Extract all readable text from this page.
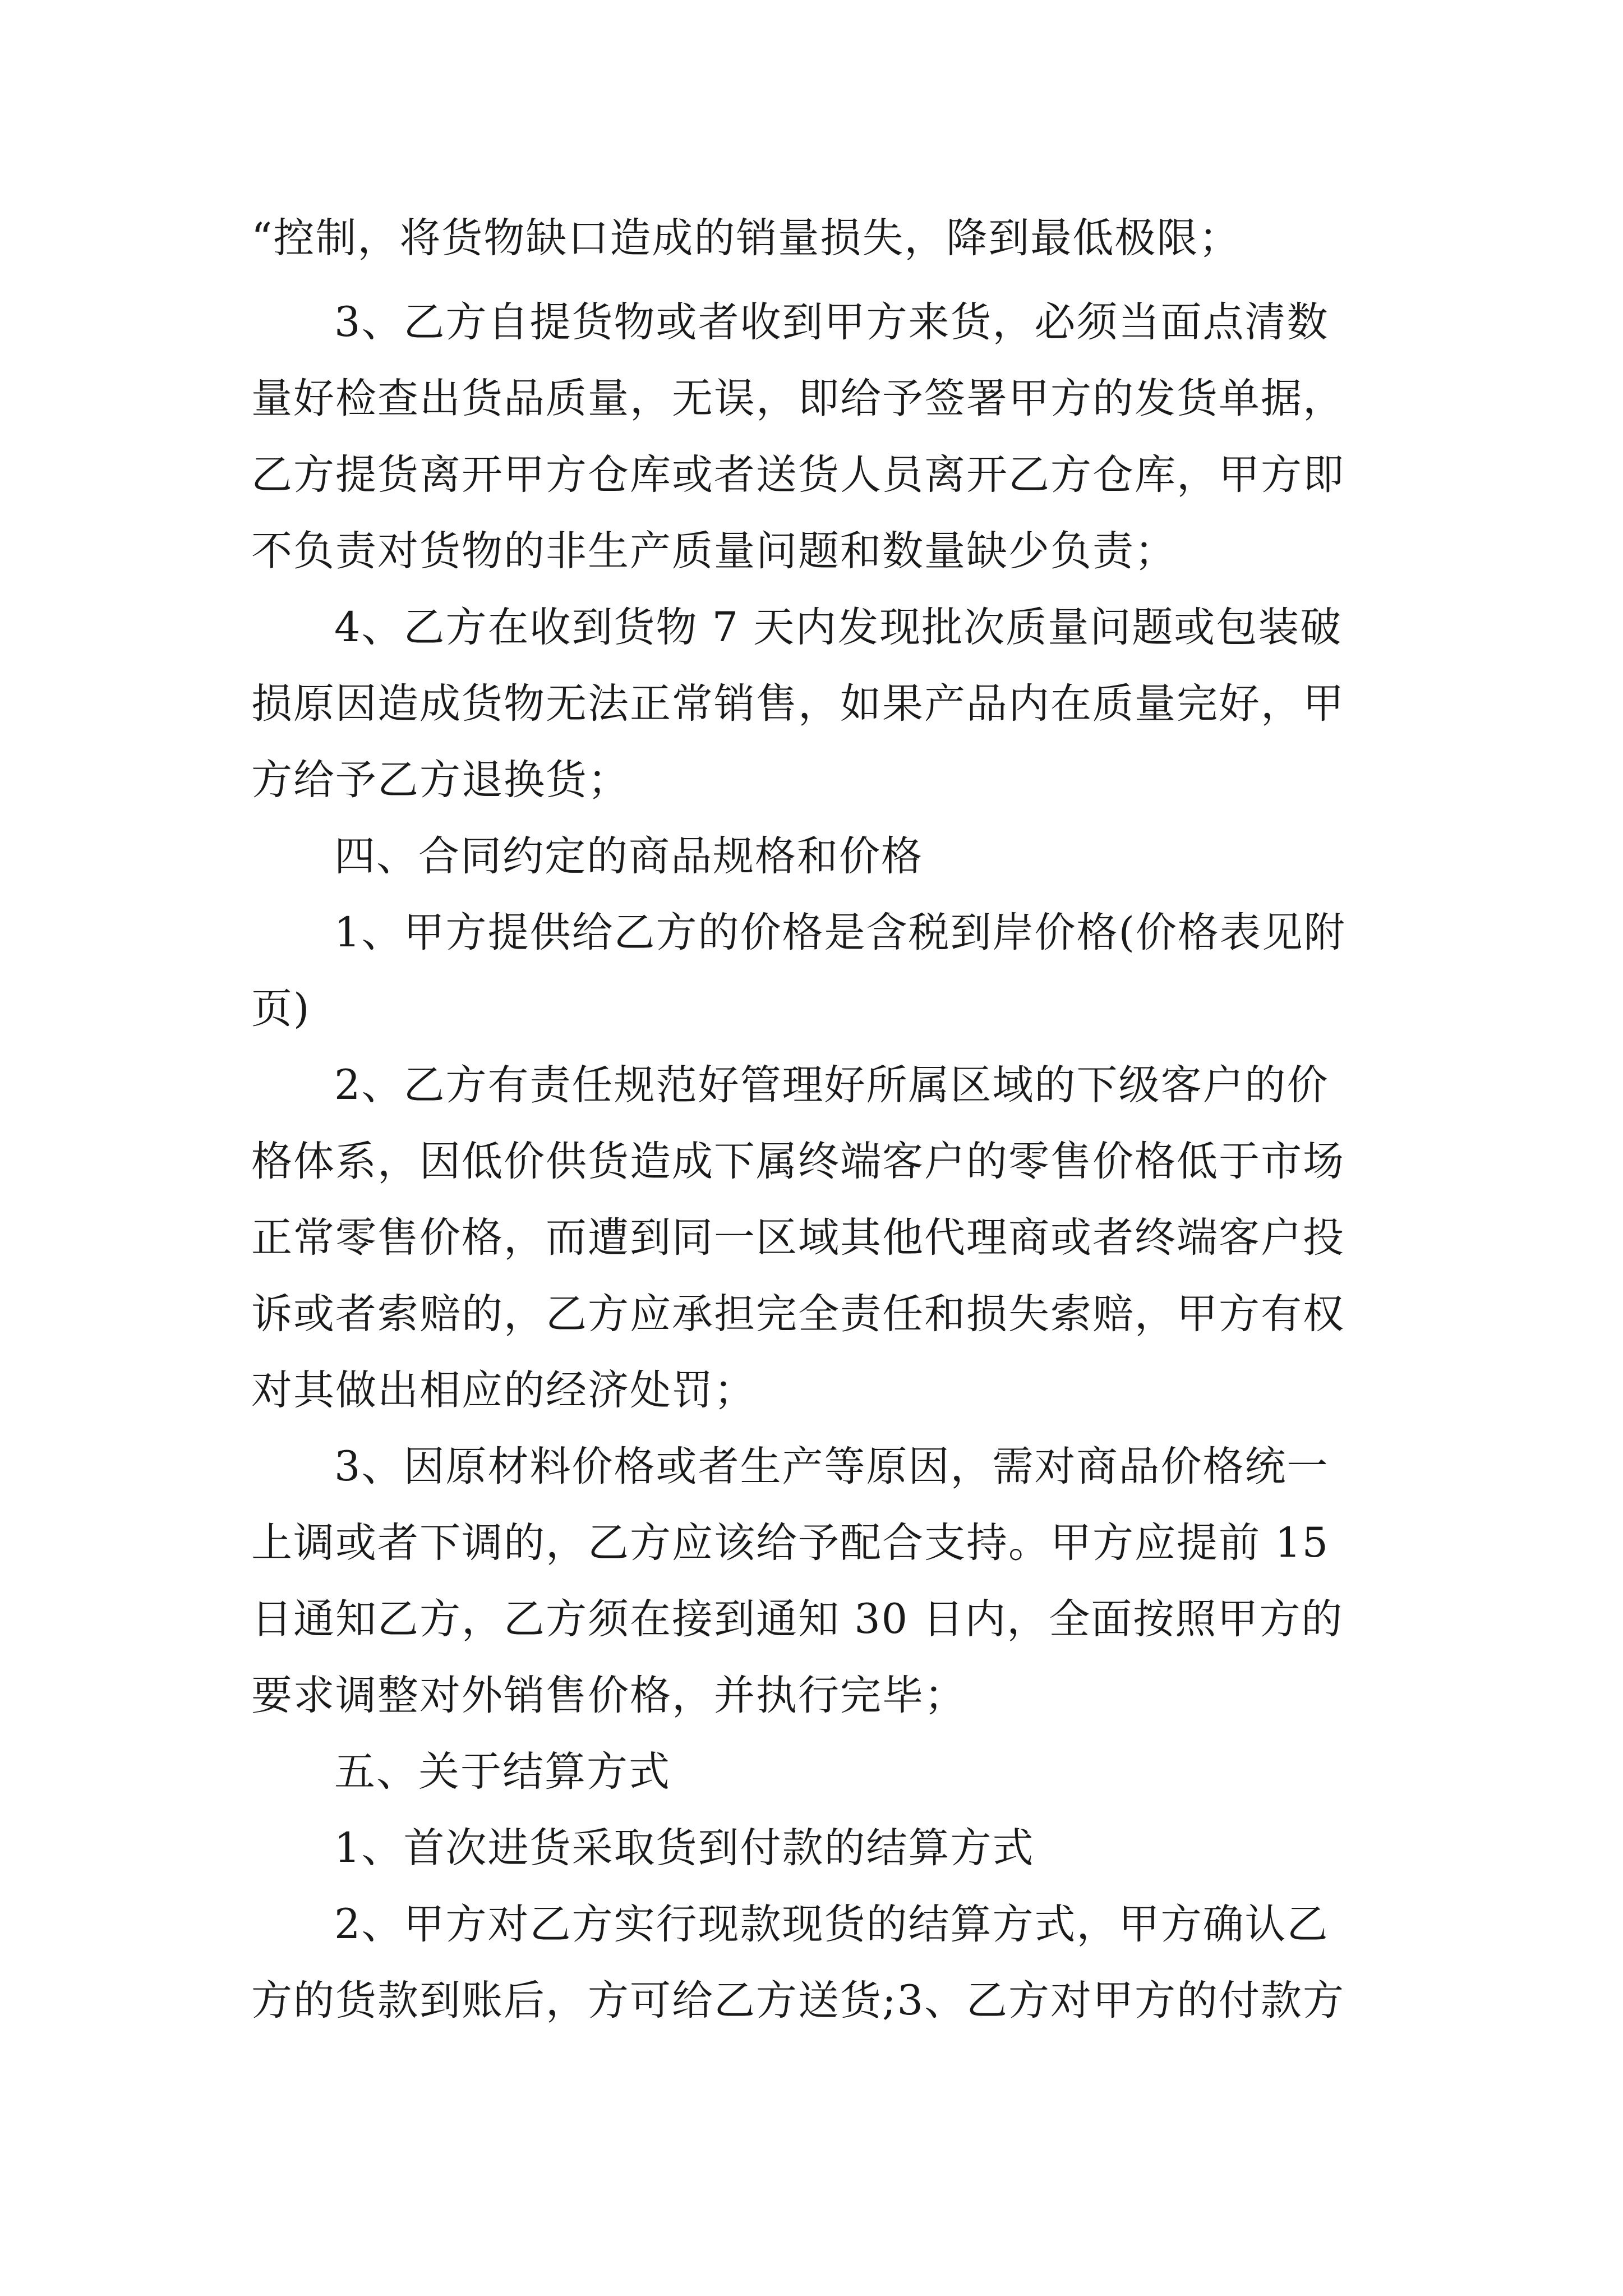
“控制，将货物缺口造成的销量损失，降到最低极限；
3、乙方自提货物或者收到甲方来货，必须当面点清数
量好检查出货品质量，无误，即给予签署甲方的发货单据，
乙方提货离开甲方仓库或者送货人员离开乙方仓库，甲方即
不负责对货物的非生产质量问题和数量缺少负责；
4、乙方在收到货物 7 天内发现批次质量问题或包装破
损原因造成货物无法正常销售，如果产品内在质量完好，甲
方给予乙方退换货；
四、合同约定的商品规格和价格
1、甲方提供给乙方的价格是含税到岸价格(价格表见附
页)
2、乙方有责任规范好管理好所属区域的下级客户的价
格体系，因低价供货造成下属终端客户的零售价格低于市场
正常零售价格，而遭到同一区域其他代理商或者终端客户投
诉或者索赔的，乙方应承担完全责任和损失索赔，甲方有权
对其做出相应的经济处罚；
3、因原材料价格或者生产等原因，需对商品价格统一
上调或者下调的，乙方应该给予配合支持。甲方应提前 15
日通知乙方，乙方须在接到通知 30 日内，全面按照甲方的
要求调整对外销售价格，并执行完毕；
五、关于结算方式
1、首次进货采取货到付款的结算方式
2、甲方对乙方实行现款现货的结算方式，甲方确认乙
方的货款到账后，方可给乙方送货;3、乙方对甲方的付款方
